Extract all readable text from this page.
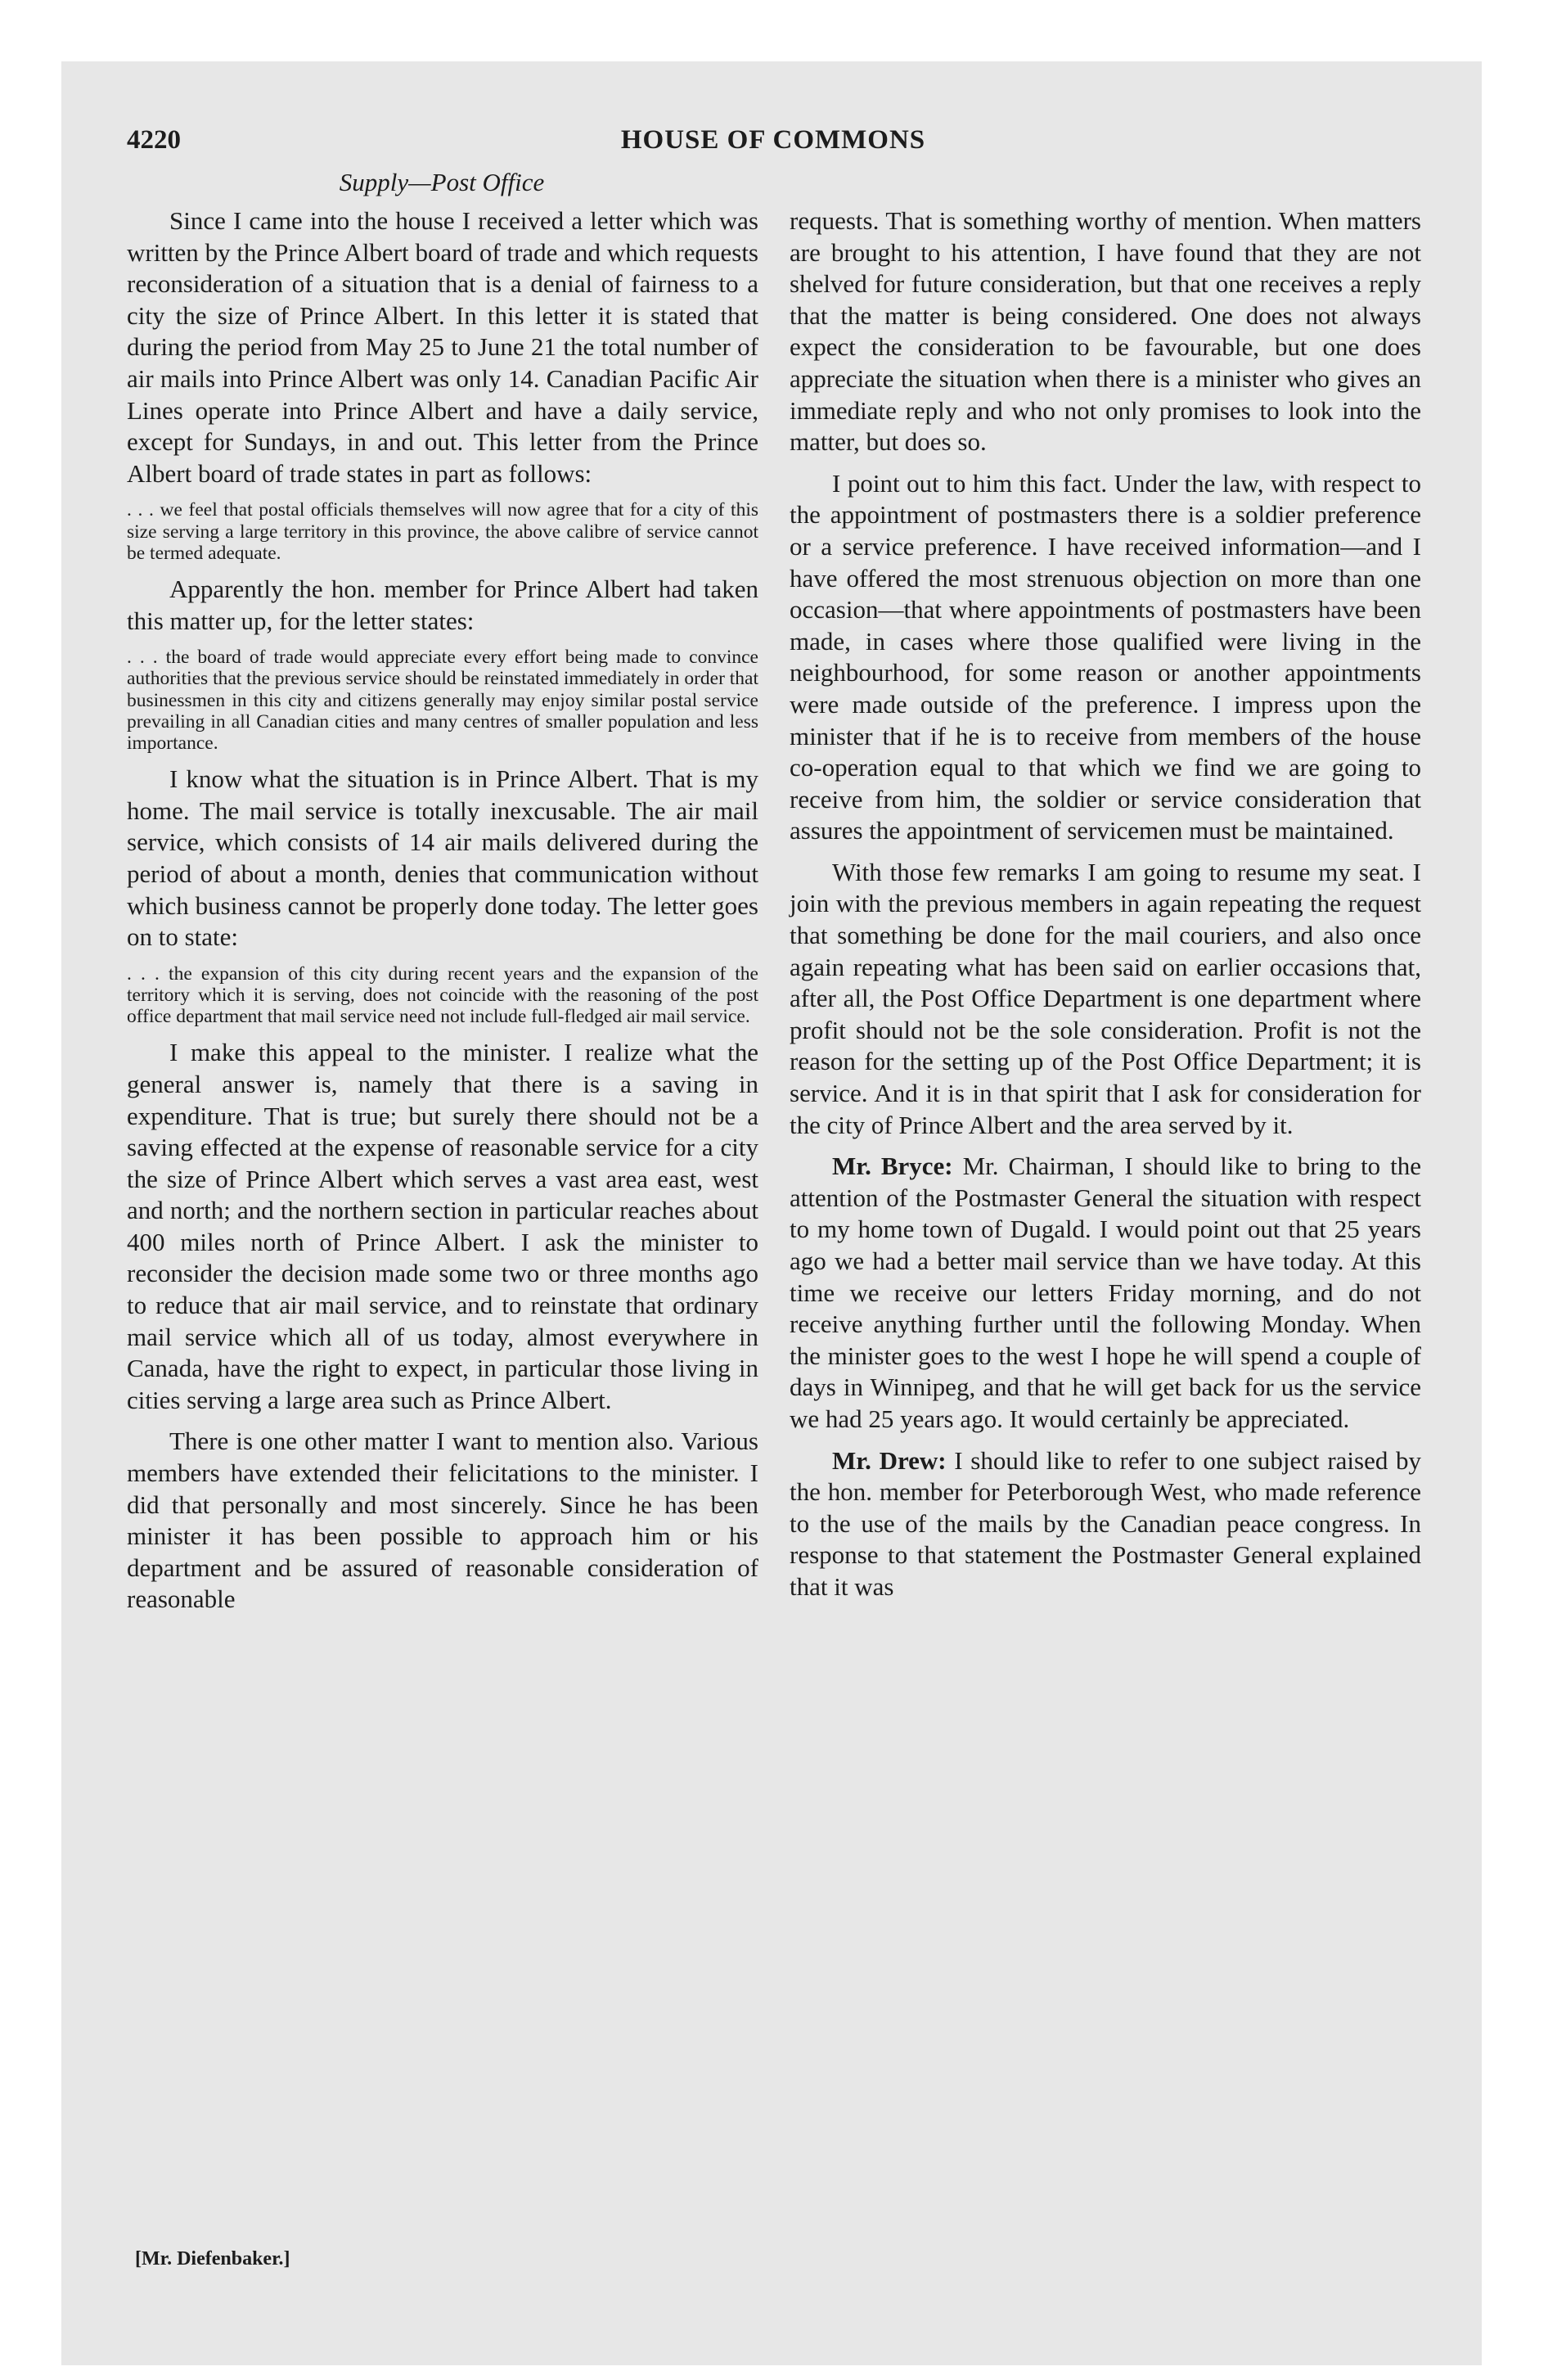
4220	HOUSE OF COMMONS
Supply—Post Office

Since I came into the house I received a letter which was written by the Prince Albert board of trade and which requests reconsideration of a situation that is a denial of fairness to a city the size of Prince Albert. In this letter it is stated that during the period from May 25 to June 21 the total number of air mails into Prince Albert was only 14. Canadian Pacific Air Lines operate into Prince Albert and have a daily service, except for Sundays, in and out. This letter from the Prince Albert board of trade states in part as follows:

. . . we feel that postal officials themselves will now agree that for a city of this size serving a large territory in this province, the above calibre of service cannot be termed adequate.

Apparently the hon. member for Prince Albert had taken this matter up, for the letter states:

. . . the board of trade would appreciate every effort being made to convince authorities that the previous service should be reinstated immediately in order that businessmen in this city and citizens generally may enjoy similar postal service prevailing in all Canadian cities and many centres of smaller population and less importance.

I know what the situation is in Prince Albert. That is my home. The mail service is totally inexcusable. The air mail service, which consists of 14 air mails delivered during the period of about a month, denies that communication without which business cannot be properly done today. The letter goes on to state:

. . . the expansion of this city during recent years and the expansion of the territory which it is serving, does not coincide with the reasoning of the post office department that mail service need not include full-fledged air mail service.

I make this appeal to the minister. I realize what the general answer is, namely that there is a saving in expenditure. That is true; but surely there should not be a saving effected at the expense of reasonable service for a city the size of Prince Albert which serves a vast area east, west and north; and the northern section in particular reaches about 400 miles north of Prince Albert. I ask the minister to reconsider the decision made some two or three months ago to reduce that air mail service, and to reinstate that ordinary mail service which all of us today, almost everywhere in Canada, have the right to expect, in particular those living in cities serving a large area such as Prince Albert.

There is one other matter I want to mention also. Various members have extended their felicitations to the minister. I did that personally and most sincerely. Since he has been minister it has been possible to approach him or his department and be assured of reasonable consideration of reasonable

requests. That is something worthy of mention. When matters are brought to his attention, I have found that they are not shelved for future consideration, but that one receives a reply that the matter is being considered. One does not always expect the consideration to be favourable, but one does appreciate the situation when there is a minister who gives an immediate reply and who not only promises to look into the matter, but does so.

I point out to him this fact. Under the law, with respect to the appointment of postmasters there is a soldier preference or a service preference. I have received information—and I have offered the most strenuous objection on more than one occasion—that where appointments of postmasters have been made, in cases where those qualified were living in the neighbourhood, for some reason or another appointments were made outside of the preference. I impress upon the minister that if he is to receive from members of the house co-operation equal to that which we find we are going to receive from him, the soldier or service consideration that assures the appointment of servicemen must be maintained.

With those few remarks I am going to resume my seat. I join with the previous members in again repeating the request that something be done for the mail couriers, and also once again repeating what has been said on earlier occasions that, after all, the Post Office Department is one department where profit should not be the sole consideration. Profit is not the reason for the setting up of the Post Office Department; it is service. And it is in that spirit that I ask for consideration for the city of Prince Albert and the area served by it.

Mr. Bryce: Mr. Chairman, I should like to bring to the attention of the Postmaster General the situation with respect to my home town of Dugald. I would point out that 25 years ago we had a better mail service than we have today. At this time we receive our letters Friday morning, and do not receive anything further until the following Monday. When the minister goes to the west I hope he will spend a couple of days in Winnipeg, and that he will get back for us the service we had 25 years ago. It would certainly be appreciated.

Mr. Drew: I should like to refer to one subject raised by the hon. member for Peterborough West, who made reference to the use of the mails by the Canadian peace congress. In response to that statement the Postmaster General explained that it was

[Mr. Diefenbaker.]
